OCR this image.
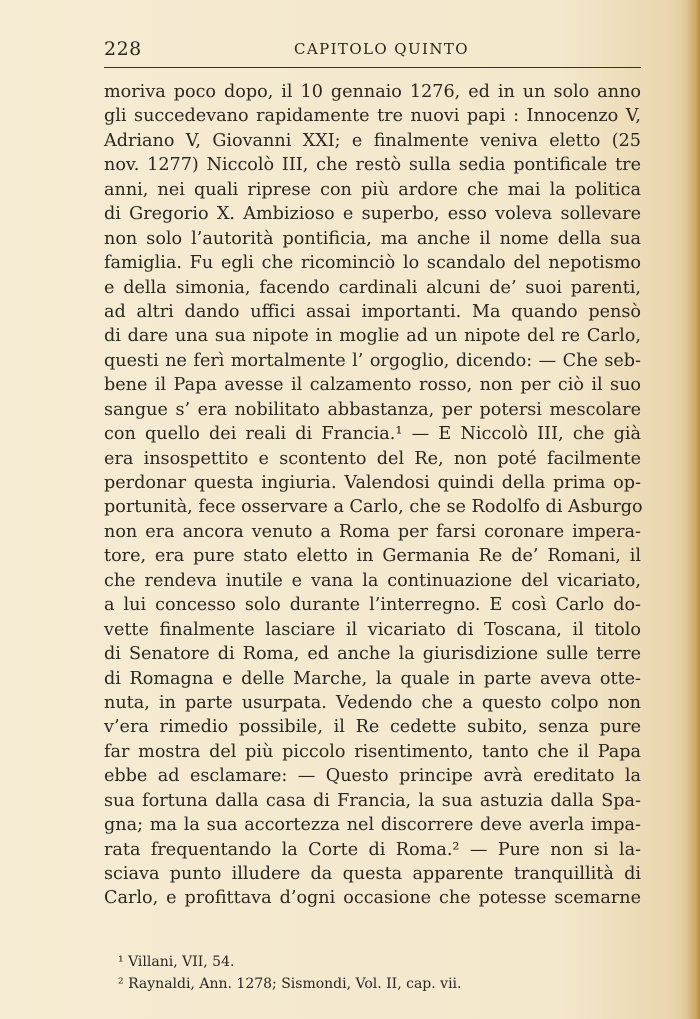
228	CAPITOLO QUINTO
moriva poco dopo, il 10 gennaio 1276, ed in un solo anno
gli succedevano rapidamente tre nuovi papi : Innocenzo V,
Adriano V, Giovanni XXI; e finalmente veniva eletto (25
nov. 1277) Niccolò III, che restò sulla sedia pontificale tre
anni, nei quali riprese con più ardore che mai la politica
di Gregorio X. Ambizioso e superbo, esso voleva sollevare
non solo l’autorità pontificia, ma anche il nome della sua
famiglia. Fu egli che ricominciò lo scandalo del nepotismo
e della simonia, facendo cardinali alcuni de’ suoi parenti,
ad altri dando uffici assai importanti. Ma quando pensò
di dare una sua nipote in moglie ad un nipote del re Carlo,
questi ne ferì mortalmente l’ orgoglio, dicendo: — Che seb-
bene il Papa avesse il calzamento rosso, non per ciò il suo
sangue s’ era nobilitato abbastanza, per potersi mescolare
con quello dei reali di Francia.¹ — E Niccolò III, che già
era insospettito e scontento del Re, non poté facilmente
perdonar questa ingiuria. Valendosi quindi della prima op-
portunità, fece osservare a Carlo, che se Rodolfo di Asburgo
non era ancora venuto a Roma per farsi coronare impera-
tore, era pure stato eletto in Germania Re de’ Romani, il
che rendeva inutile e vana la continuazione del vicariato,
a lui concesso solo durante l’interregno. E così Carlo do-
vette finalmente lasciare il vicariato di Toscana, il titolo
di Senatore di Roma, ed anche la giurisdizione sulle terre
di Romagna e delle Marche, la quale in parte aveva otte-
nuta, in parte usurpata. Vedendo che a questo colpo non
v’era rimedio possibile, il Re cedette subito, senza pure
far mostra del più piccolo risentimento, tanto che il Papa
ebbe ad esclamare: — Questo principe avrà ereditato la
sua fortuna dalla casa di Francia, la sua astuzia dalla Spa-
gna; ma la sua accortezza nel discorrere deve averla impa-
rata frequentando la Corte di Roma.² — Pure non si la-
sciava punto illudere da questa apparente tranquillità di
Carlo, e profittava d’ogni occasione che potesse scemarne
¹ Villani, VII, 54.
² Raynaldi, Ann. 1278; Sismondi, Vol. II, cap. vii.
